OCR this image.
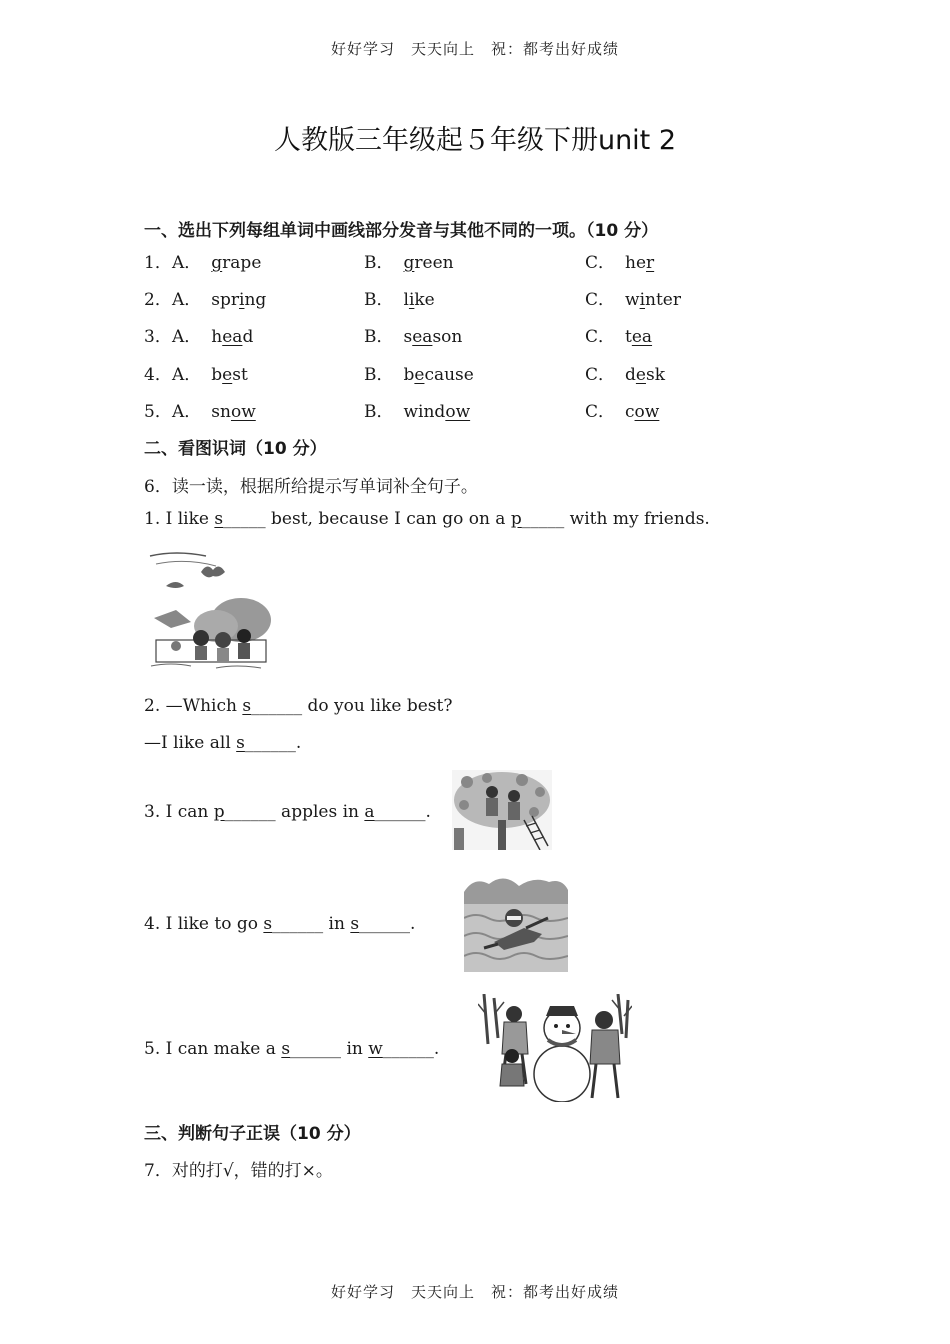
好好学习　天天向上　祝：都考出好成绩
人教版三年级起５年级下册unit 2
一、选出下列每组单词中画线部分发音与其他不同的一项。（10 分）
1． A． grape	B． green	C． her
2． A． spring	B． like	C． winter
3． A． head	B． season	C． tea
4． A． best	B． because	C． desk
5． A． snow	B． window	C． cow
二、看图识词（10 分）
6．读一读，根据所给提示写单词补全句子。
1. I like s_____ best, because I can go on a p_____ with my friends.
2. —Which s______ do you like best?
—I like all s______.
3. I can p______ apples in a______.
4. I like to go s______ in s______.
5. I can make a s______ in w______.
三、判断句子正误（10 分）
7．对的打√，错的打×。
好好学习　天天向上　祝：都考出好成绩
